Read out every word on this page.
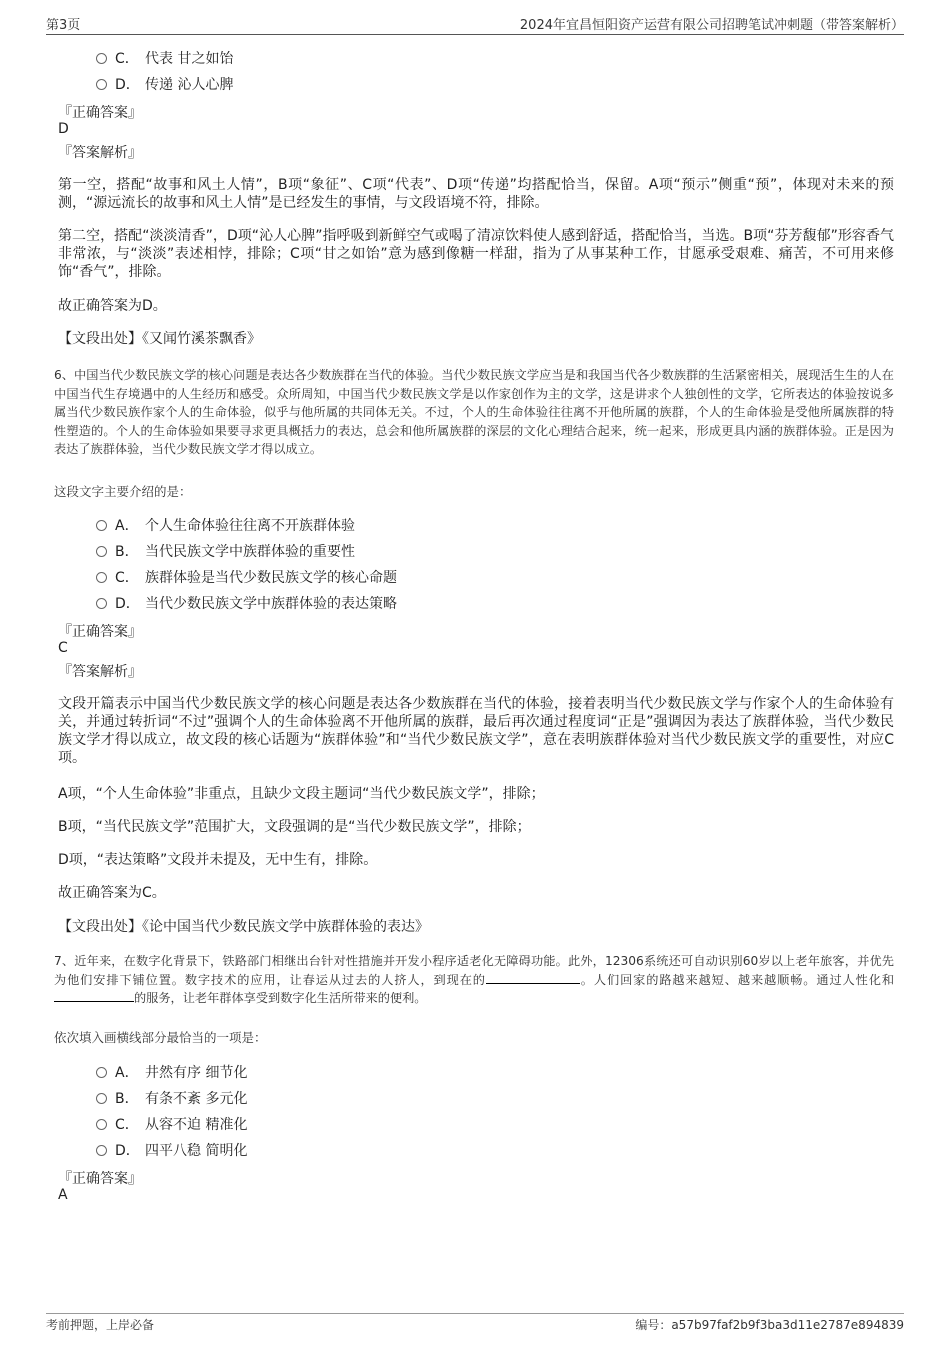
第3页	2024年宜昌恒阳资产运营有限公司招聘笔试冲刺题（带答案解析）
C． 代表 甘之如饴
D． 传递 沁人心脾
『正确答案』
D
『答案解析』
第一空，搭配“故事和风土人情”，B项“象征”、C项“代表”、D项“传递”均搭配恰当，保留。A项“预示”侧重“预”，体现对未来的预测，“源远流长的故事和风土人情”是已经发生的事情，与文段语境不符，排除。
第二空，搭配“淡淡清香”，D项“沁人心脾”指呼吸到新鲜空气或喝了清凉饮料使人感到舒适，搭配恰当，当选。B项“芬芳馥郁”形容香气非常浓，与“淡淡”表述相悖，排除；C项“甘之如饴”意为感到像糖一样甜，指为了从事某种工作，甘愿承受艰难、痛苦，不可用来修饰“香气”，排除。
故正确答案为D。
【文段出处】《又闻竹溪茶飘香》
6、中国当代少数民族文学的核心问题是表达各少数族群在当代的体验。当代少数民族文学应当是和我国当代各少数族群的生活紧密相关，展现活生生的人在中国当代生存境遇中的人生经历和感受。众所周知，中国当代少数民族文学是以作家创作为主的文学，这是讲求个人独创性的文学，它所表达的体验按说多属当代少数民族作家个人的生命体验，似乎与他所属的共同体无关。不过，个人的生命体验往往离不开他所属的族群，个人的生命体验是受他所属族群的特性塑造的。个人的生命体验如果要寻求更具概括力的表达，总会和他所属族群的深层的文化心理结合起来，统一起来，形成更具内涵的族群体验。正是因为表达了族群体验，当代少数民族文学才得以成立。
这段文字主要介绍的是：
A． 个人生命体验往往离不开族群体验
B． 当代民族文学中族群体验的重要性
C． 族群体验是当代少数民族文学的核心命题
D． 当代少数民族文学中族群体验的表达策略
『正确答案』
C
『答案解析』
文段开篇表示中国当代少数民族文学的核心问题是表达各少数族群在当代的体验，接着表明当代少数民族文学与作家个人的生命体验有关，并通过转折词“不过”强调个人的生命体验离不开他所属的族群，最后再次通过程度词“正是”强调因为表达了族群体验，当代少数民族文学才得以成立，故文段的核心话题为“族群体验”和“当代少数民族文学”，意在表明族群体验对当代少数民族文学的重要性，对应C项。
A项，“个人生命体验”非重点，且缺少文段主题词“当代少数民族文学”，排除；
B项，“当代民族文学”范围扩大，文段强调的是“当代少数民族文学”，排除；
D项，“表达策略”文段并未提及，无中生有，排除。
故正确答案为C。
【文段出处】《论中国当代少数民族文学中族群体验的表达》
7、近年来，在数字化背景下，铁路部门相继出台针对性措施并开发小程序适老化无障碍功能。此外，12306系统还可自动识别60岁以上老年旅客，并优先为他们安排下铺位置。数字技术的应用，让春运从过去的人挤人，到现在的	。人们回家的路越来越短、越来越顺畅。通过人性化和的服务，让老年群体享受到数字化生活所带来的便利。
依次填入画横线部分最恰当的一项是：
A． 井然有序 细节化
B． 有条不紊 多元化
C． 从容不迫 精准化
D． 四平八稳 简明化
『正确答案』
A
考前押题，上岸必备	编号：a57b97faf2b9f3ba3d11e2787e894839
